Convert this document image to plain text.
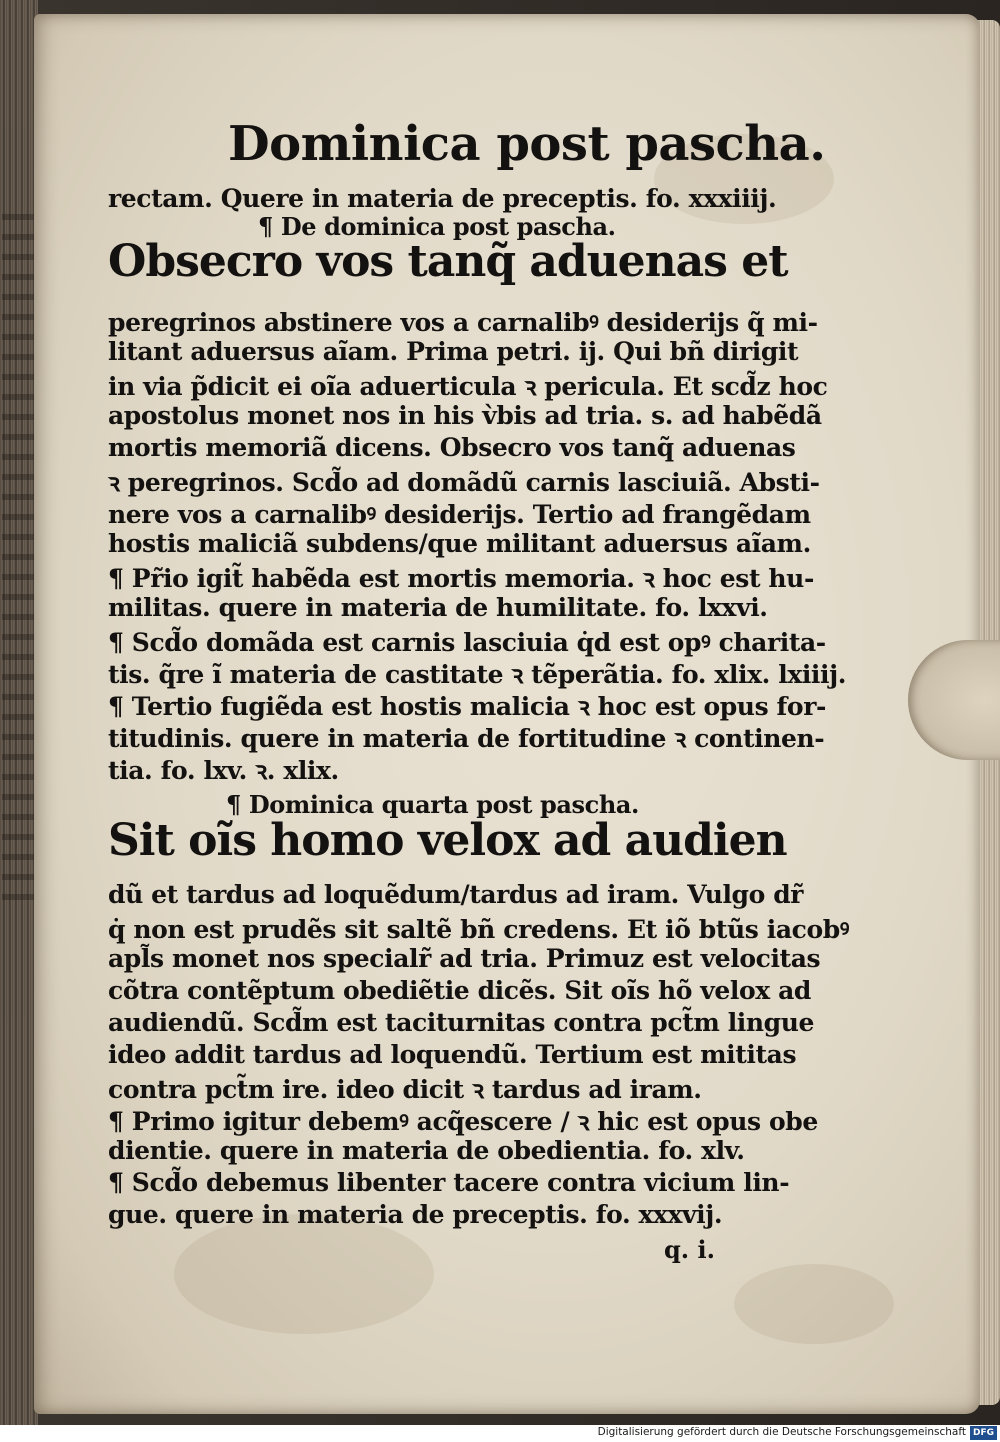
Dominica post pascha.
rectam. Quere in materia de preceptis. fo. xxxiiij.
¶ De dominica post pascha.
Obsecro vos tanq̃ aduenas et
peregrinos abstinere vos a carnalibꝰ desiderijs q̃ mi-
litant aduersus aĩam. Prima petri. ij. Qui bñ dirigit
in via p̃dicit ei oĩa aduerticula ꝛ pericula. Et scd̃z hoc
apostolus monet nos in his v̀bis ad tria. s. ad habẽdã
mortis memoriã dicens. Obsecro vos tanq̃ aduenas
ꝛ peregrinos. Scd̃o ad domãdũ carnis lasciuiã. Absti-
nere vos a carnalibꝰ desiderijs. Tertio ad frangẽdam
hostis maliciã subdens/que militant aduersus aĩam.
¶ Pr̃io igit̃ habẽda est mortis memoria. ꝛ hoc est hu-
militas. quere in materia de humilitate. fo. lxxvi.
¶ Scd̃o domãda est carnis lasciuia q̇d est opꝰ charita-
tis. q̃re ĩ materia de castitate ꝛ tẽperãtia. fo. xlix. lxiiij.
¶ Tertio fugiẽda est hostis malicia ꝛ hoc est opus for-
titudinis. quere in materia de fortitudine ꝛ continen-
tia. fo. lxv. ꝛ. xlix.
¶ Dominica quarta post pascha.
Sit oĩs homo velox ad audien
dũ et tardus ad loquẽdum/tardus ad iram. Vulgo dr̃
q̇ non est prudẽs sit saltẽ bñ credens. Et iõ btũs iacobꝰ
apl̃s monet nos specialr̃ ad tria. Primuz est velocitas
cõtra contẽptum obediẽtie dicẽs. Sit oĩs hõ velox ad
audiendũ. Scd̃m est taciturnitas contra pct̃m lingue
ideo addit tardus ad loquendũ. Tertium est mititas
contra pct̃m ire. ideo dicit ꝛ tardus ad iram.
¶ Primo igitur debemꝰ acq̃escere / ꝛ hic est opus obe
dientie. quere in materia de obedientia. fo. xlv.
¶ Scd̃o debemus libenter tacere contra vicium lin-
gue. quere in materia de preceptis. fo. xxxvij.
q. i.
Digitalisierung gefördert durch die Deutsche Forschungsgemeinschaft DFG
